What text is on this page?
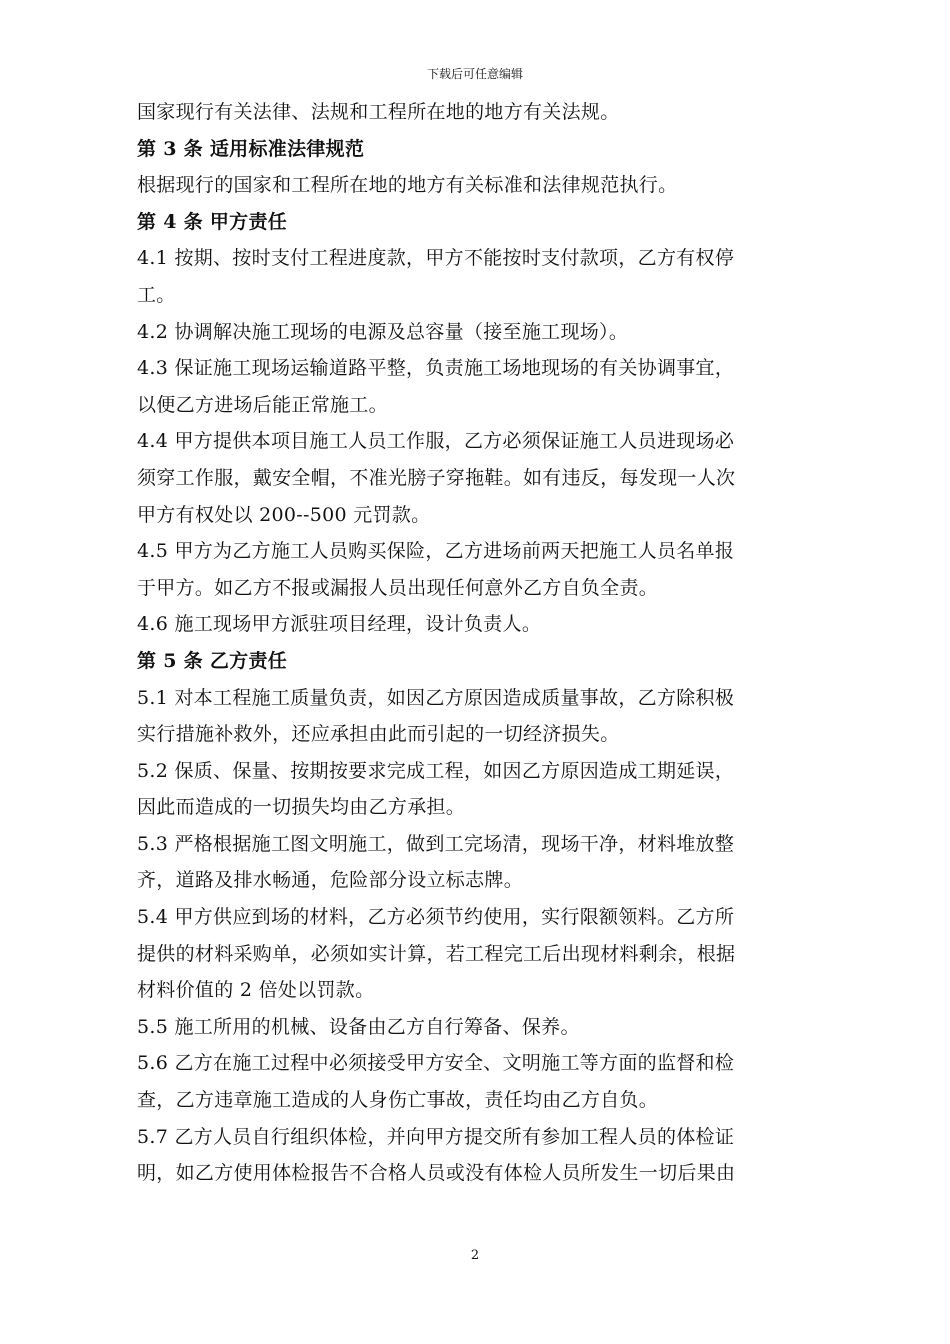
下载后可任意编辑
国家现行有关法律、法规和工程所在地的地方有关法规。
第 3 条 适用标准法律规范
根据现行的国家和工程所在地的地方有关标准和法律规范执行。
第 4 条 甲方责任
4.1 按期、按时支付工程进度款，甲方不能按时支付款项，乙方有权停
工。
4.2 协调解决施工现场的电源及总容量（接至施工现场）。
4.3 保证施工现场运输道路平整，负责施工场地现场的有关协调事宜，
以便乙方进场后能正常施工。
4.4 甲方提供本项目施工人员工作服，乙方必须保证施工人员进现场必
须穿工作服，戴安全帽，不准光膀子穿拖鞋。如有违反，每发现一人次
甲方有权处以 200--500 元罚款。
4.5 甲方为乙方施工人员购买保险，乙方进场前两天把施工人员名单报
于甲方。如乙方不报或漏报人员出现任何意外乙方自负全责。
4.6 施工现场甲方派驻项目经理，设计负责人。
第 5 条 乙方责任
5.1 对本工程施工质量负责，如因乙方原因造成质量事故，乙方除积极
实行措施补救外，还应承担由此而引起的一切经济损失。
5.2 保质、保量、按期按要求完成工程，如因乙方原因造成工期延误，
因此而造成的一切损失均由乙方承担。
5.3 严格根据施工图文明施工，做到工完场清，现场干净，材料堆放整
齐，道路及排水畅通，危险部分设立标志牌。
5.4 甲方供应到场的材料，乙方必须节约使用，实行限额领料。乙方所
提供的材料采购单，必须如实计算，若工程完工后出现材料剩余，根据
材料价值的 2 倍处以罚款。
5.5 施工所用的机械、设备由乙方自行筹备、保养。
5.6 乙方在施工过程中必须接受甲方安全、文明施工等方面的监督和检
查，乙方违章施工造成的人身伤亡事故，责任均由乙方自负。
5.7 乙方人员自行组织体检，并向甲方提交所有参加工程人员的体检证
明，如乙方使用体检报告不合格人员或没有体检人员所发生一切后果由
2
